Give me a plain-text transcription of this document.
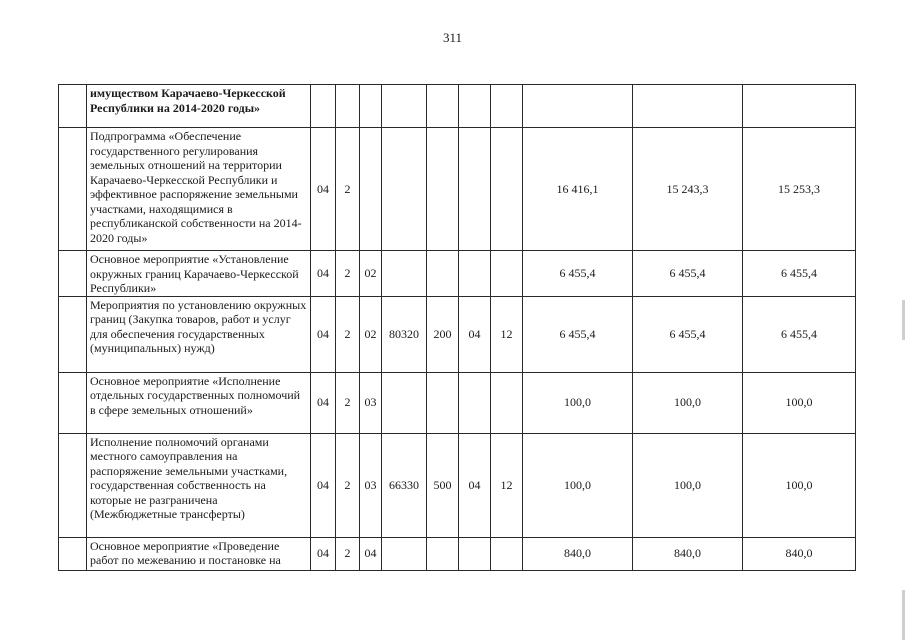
311
	имуществом Карачаево-Черкесской Республики на 2014-2020 годы»										
	Подпрограмма «Обеспечение государственного регулирования земельных отношений на территории Карачаево-Черкесской Республики и эффективное распоряжение земельными участками, находящимися в республиканской собственности на 2014-2020 годы»	04	2						16 416,1	15 243,3	15 253,3
	Основное мероприятие «Установление окружных границ Карачаево-Черкесской Республики»	04	2	02					6 455,4	6 455,4	6 455,4
	Мероприятия по установлению окружных границ (Закупка товаров, работ и услуг для обеспечения государственных (муниципальных) нужд)	04	2	02	80320	200	04	12	6 455,4	6 455,4	6 455,4
	Основное мероприятие «Исполнение отдельных государственных полномочий в сфере земельных отношений»	04	2	03					100,0	100,0	100,0
	Исполнение полномочий органами местного самоуправления на распоряжение земельными участками, государственная собственность на которые не разграничена (Межбюджетные трансферты)	04	2	03	66330	500	04	12	100,0	100,0	100,0
	Основное мероприятие «Проведение работ по межеванию и постановке на	04	2	04					840,0	840,0	840,0
